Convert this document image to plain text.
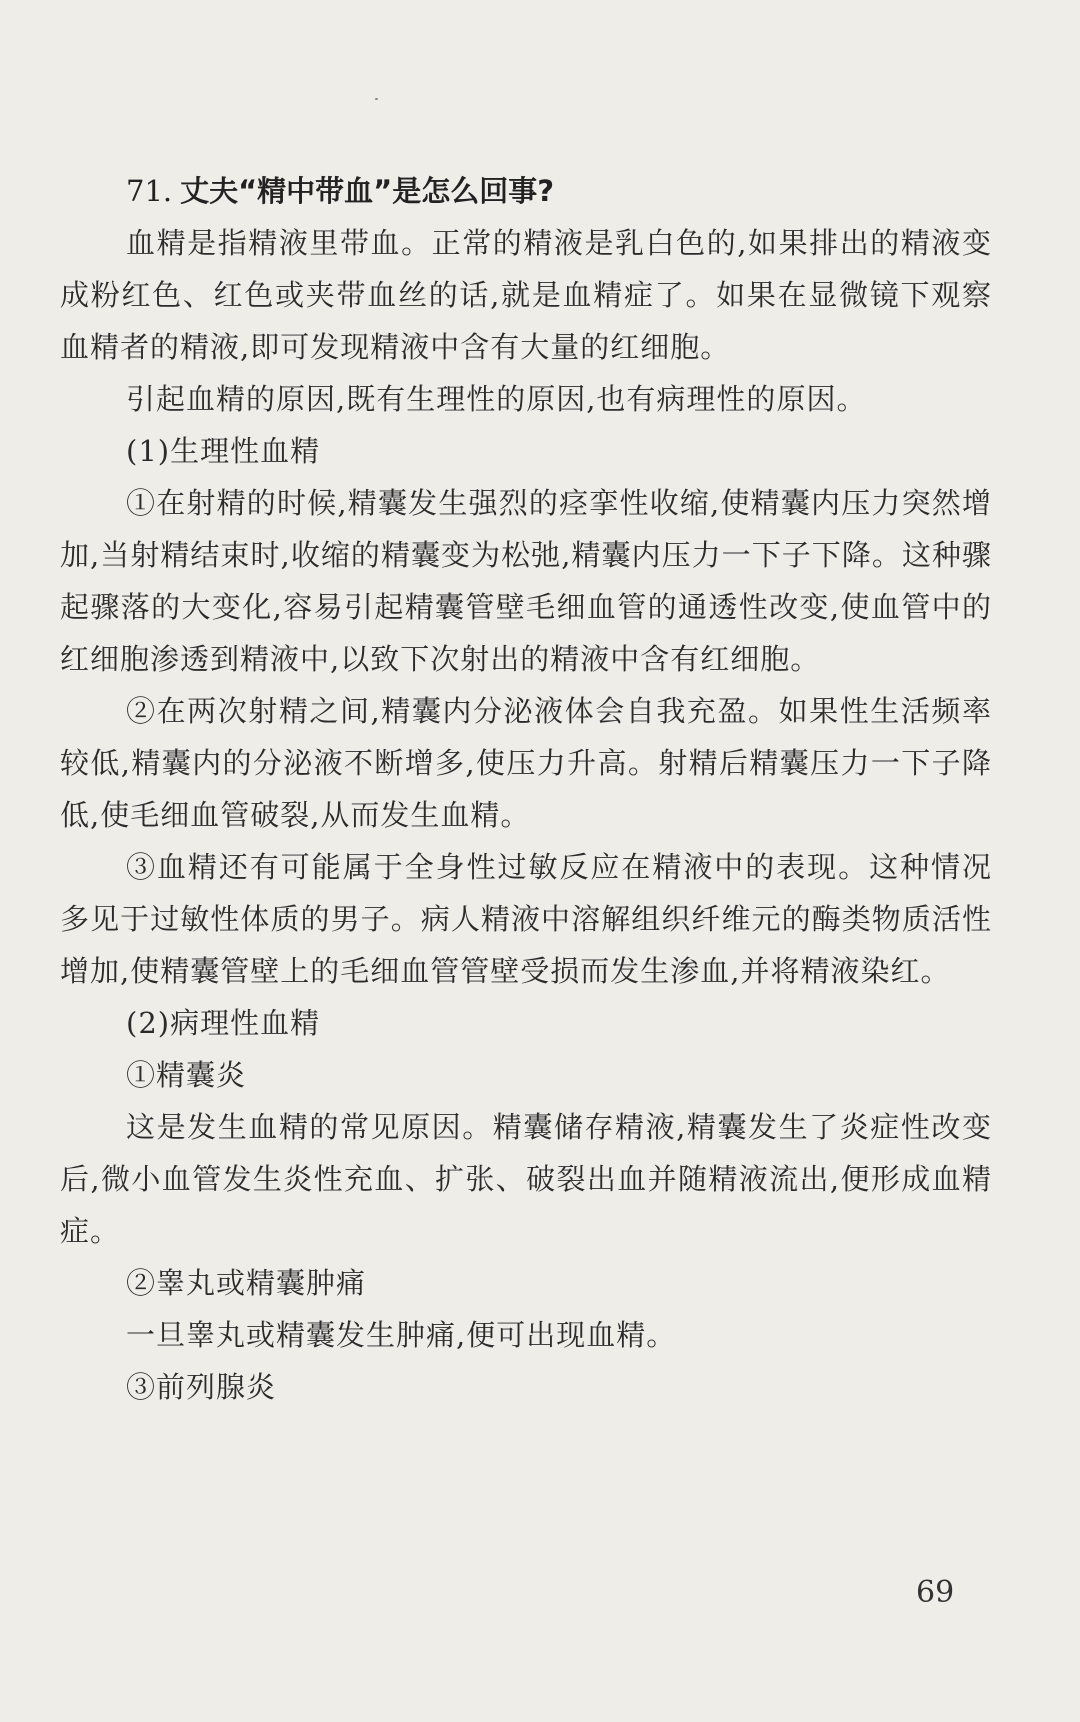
71. 丈夫“精中带血”是怎么回事?

血精是指精液里带血。正常的精液是乳白色的,如果排出的精液变成粉红色、红色或夹带血丝的话,就是血精症了。如果在显微镜下观察血精者的精液,即可发现精液中含有大量的红细胞。

引起血精的原因,既有生理性的原因,也有病理性的原因。

(1)生理性血精

①在射精的时候,精囊发生强烈的痉挛性收缩,使精囊内压力突然增加,当射精结束时,收缩的精囊变为松弛,精囊内压力一下子下降。这种骤起骤落的大变化,容易引起精囊管壁毛细血管的通透性改变,使血管中的红细胞渗透到精液中,以致下次射出的精液中含有红细胞。

②在两次射精之间,精囊内分泌液体会自我充盈。如果性生活频率较低,精囊内的分泌液不断增多,使压力升高。射精后精囊压力一下子降低,使毛细血管破裂,从而发生血精。

③血精还有可能属于全身性过敏反应在精液中的表现。这种情况多见于过敏性体质的男子。病人精液中溶解组织纤维元的酶类物质活性增加,使精囊管壁上的毛细血管管壁受损而发生渗血,并将精液染红。

(2)病理性血精

①精囊炎

这是发生血精的常见原因。精囊储存精液,精囊发生了炎症性改变后,微小血管发生炎性充血、扩张、破裂出血并随精液流出,便形成血精症。

②睾丸或精囊肿痛

一旦睾丸或精囊发生肿痛,便可出现血精。

③前列腺炎

69
